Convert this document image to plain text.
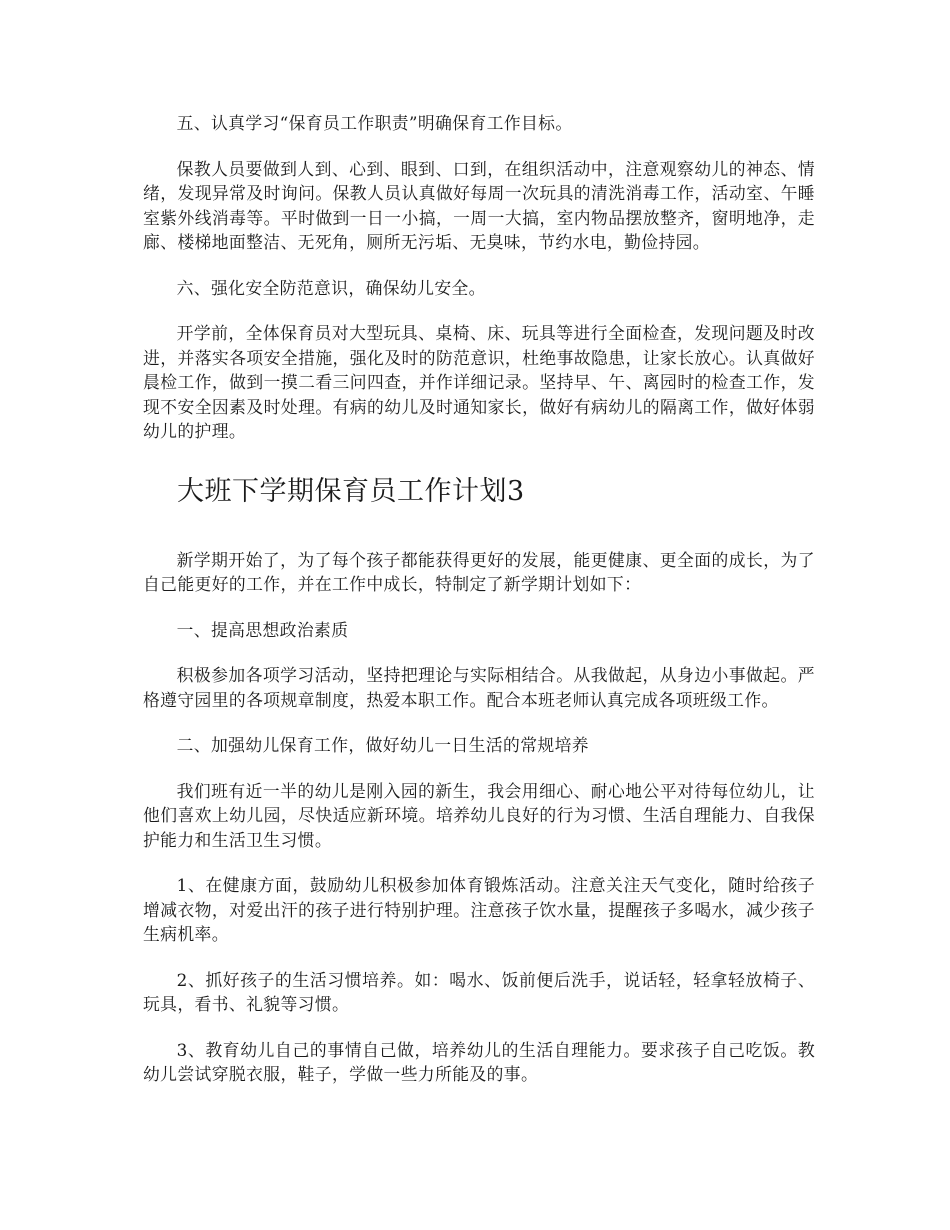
五、认真学习“保育员工作职责”明确保育工作目标。

保教人员要做到人到、心到、眼到、口到，在组织活动中，注意观察幼儿的神态、情绪，发现异常及时询问。保教人员认真做好每周一次玩具的清洗消毒工作，活动室、午睡室紫外线消毒等。平时做到一日一小搞，一周一大搞，室内物品摆放整齐，窗明地净，走廊、楼梯地面整洁、无死角，厕所无污垢、无臭味，节约水电，勤俭持园。

六、强化安全防范意识，确保幼儿安全。

开学前，全体保育员对大型玩具、桌椅、床、玩具等进行全面检查，发现问题及时改进，并落实各项安全措施，强化及时的防范意识，杜绝事故隐患，让家长放心。认真做好晨检工作，做到一摸二看三问四查，并作详细记录。坚持早、午、离园时的检查工作，发现不安全因素及时处理。有病的幼儿及时通知家长，做好有病幼儿的隔离工作，做好体弱幼儿的护理。

大班下学期保育员工作计划3

新学期开始了，为了每个孩子都能获得更好的发展，能更健康、更全面的成长，为了自己能更好的工作，并在工作中成长，特制定了新学期计划如下：

一、提高思想政治素质

积极参加各项学习活动，坚持把理论与实际相结合。从我做起，从身边小事做起。严格遵守园里的各项规章制度，热爱本职工作。配合本班老师认真完成各项班级工作。

二、加强幼儿保育工作，做好幼儿一日生活的常规培养

我们班有近一半的幼儿是刚入园的新生，我会用细心、耐心地公平对待每位幼儿，让他们喜欢上幼儿园，尽快适应新环境。培养幼儿良好的行为习惯、生活自理能力、自我保护能力和生活卫生习惯。

1、在健康方面，鼓励幼儿积极参加体育锻炼活动。注意关注天气变化，随时给孩子增减衣物，对爱出汗的孩子进行特别护理。注意孩子饮水量，提醒孩子多喝水，减少孩子生病机率。

2、抓好孩子的生活习惯培养。如：喝水、饭前便后洗手，说话轻，轻拿轻放椅子、玩具，看书、礼貌等习惯。

3、教育幼儿自己的事情自己做，培养幼儿的生活自理能力。要求孩子自己吃饭。教幼儿尝试穿脱衣服，鞋子，学做一些力所能及的事。
